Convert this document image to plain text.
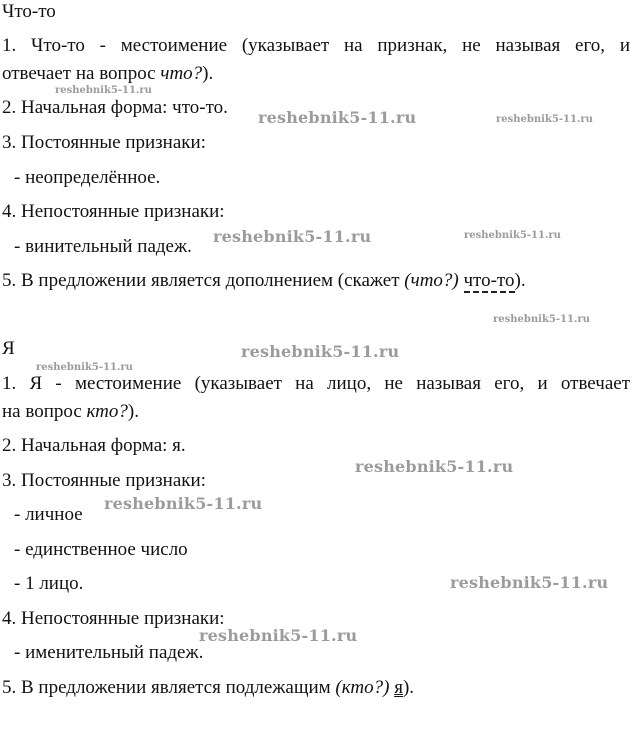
Что-то
1. Что-то - местоимение (указывает на признак, не называя его, и
отвечает на вопрос что?).
2. Начальная форма: что-то.
3. Постоянные признаки:
- неопределённое.
4. Непостоянные признаки:
- винительный падеж.
5. В предложении является дополнением (скажет (что?) что-то).
Я
1. Я - местоимение (указывает на лицо, не называя его, и отвечает
на вопрос кто?).
2. Начальная форма: я.
3. Постоянные признаки:
- личное
- единственное число
- 1 лицо.
4. Непостоянные признаки:
- именительный падеж.
5. В предложении является подлежащим (кто?) я).
reshebnik5-11.ru
reshebnik5-11.ru	reshebnik5-11.ru
reshebnik5-11.ru	reshebnik5-11.ru
reshebnik5-11.ru
reshebnik5-11.ru
reshebnik5-11.ru
reshebnik5-11.ru
reshebnik5-11.ru
reshebnik5-11.ru
reshebnik5-11.ru
